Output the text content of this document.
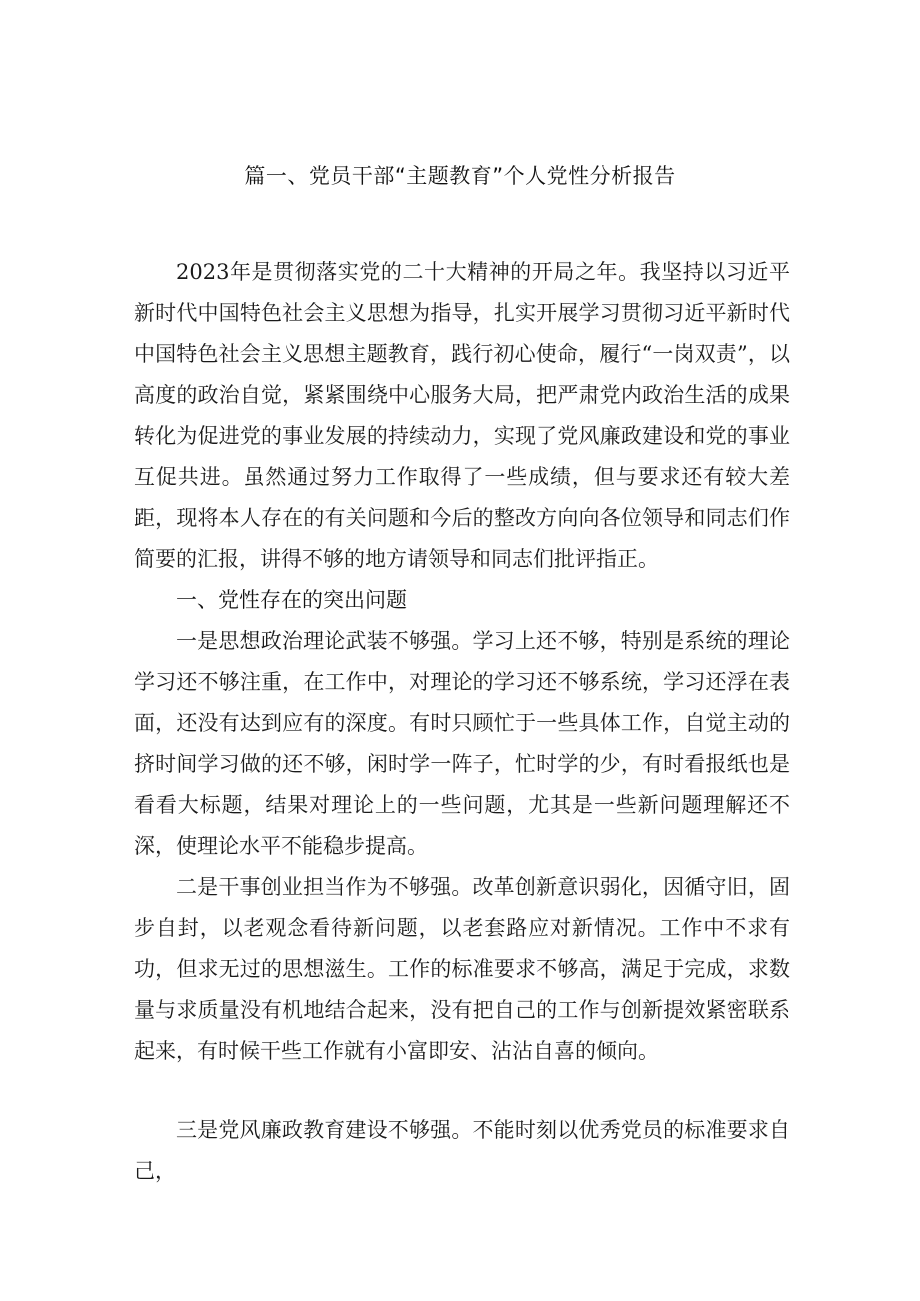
篇一、党员干部“主题教育”个人党性分析报告

2023年是贯彻落实党的二十大精神的开局之年。我坚持以习近平新时代中国特色社会主义思想为指导，扎实开展学习贯彻习近平新时代中国特色社会主义思想主题教育，践行初心使命，履行“一岗双责”，以高度的政治自觉，紧紧围绕中心服务大局，把严肃党内政治生活的成果转化为促进党的事业发展的持续动力，实现了党风廉政建设和党的事业互促共进。虽然通过努力工作取得了一些成绩，但与要求还有较大差距，现将本人存在的有关问题和今后的整改方向向各位领导和同志们作简要的汇报，讲得不够的地方请领导和同志们批评指正。

一、党性存在的突出问题

一是思想政治理论武装不够强。学习上还不够，特别是系统的理论学习还不够注重，在工作中，对理论的学习还不够系统，学习还浮在表面，还没有达到应有的深度。有时只顾忙于一些具体工作，自觉主动的挤时间学习做的还不够，闲时学一阵子，忙时学的少，有时看报纸也是看看大标题，结果对理论上的一些问题，尤其是一些新问题理解还不深，使理论水平不能稳步提高。

二是干事创业担当作为不够强。改革创新意识弱化，因循守旧，固步自封，以老观念看待新问题，以老套路应对新情况。工作中不求有功，但求无过的思想滋生。工作的标准要求不够高，满足于完成，求数量与求质量没有机地结合起来，没有把自己的工作与创新提效紧密联系起来，有时候干些工作就有小富即安、沾沾自喜的倾向。

三是党风廉政教育建设不够强。不能时刻以优秀党员的标准要求自己，
